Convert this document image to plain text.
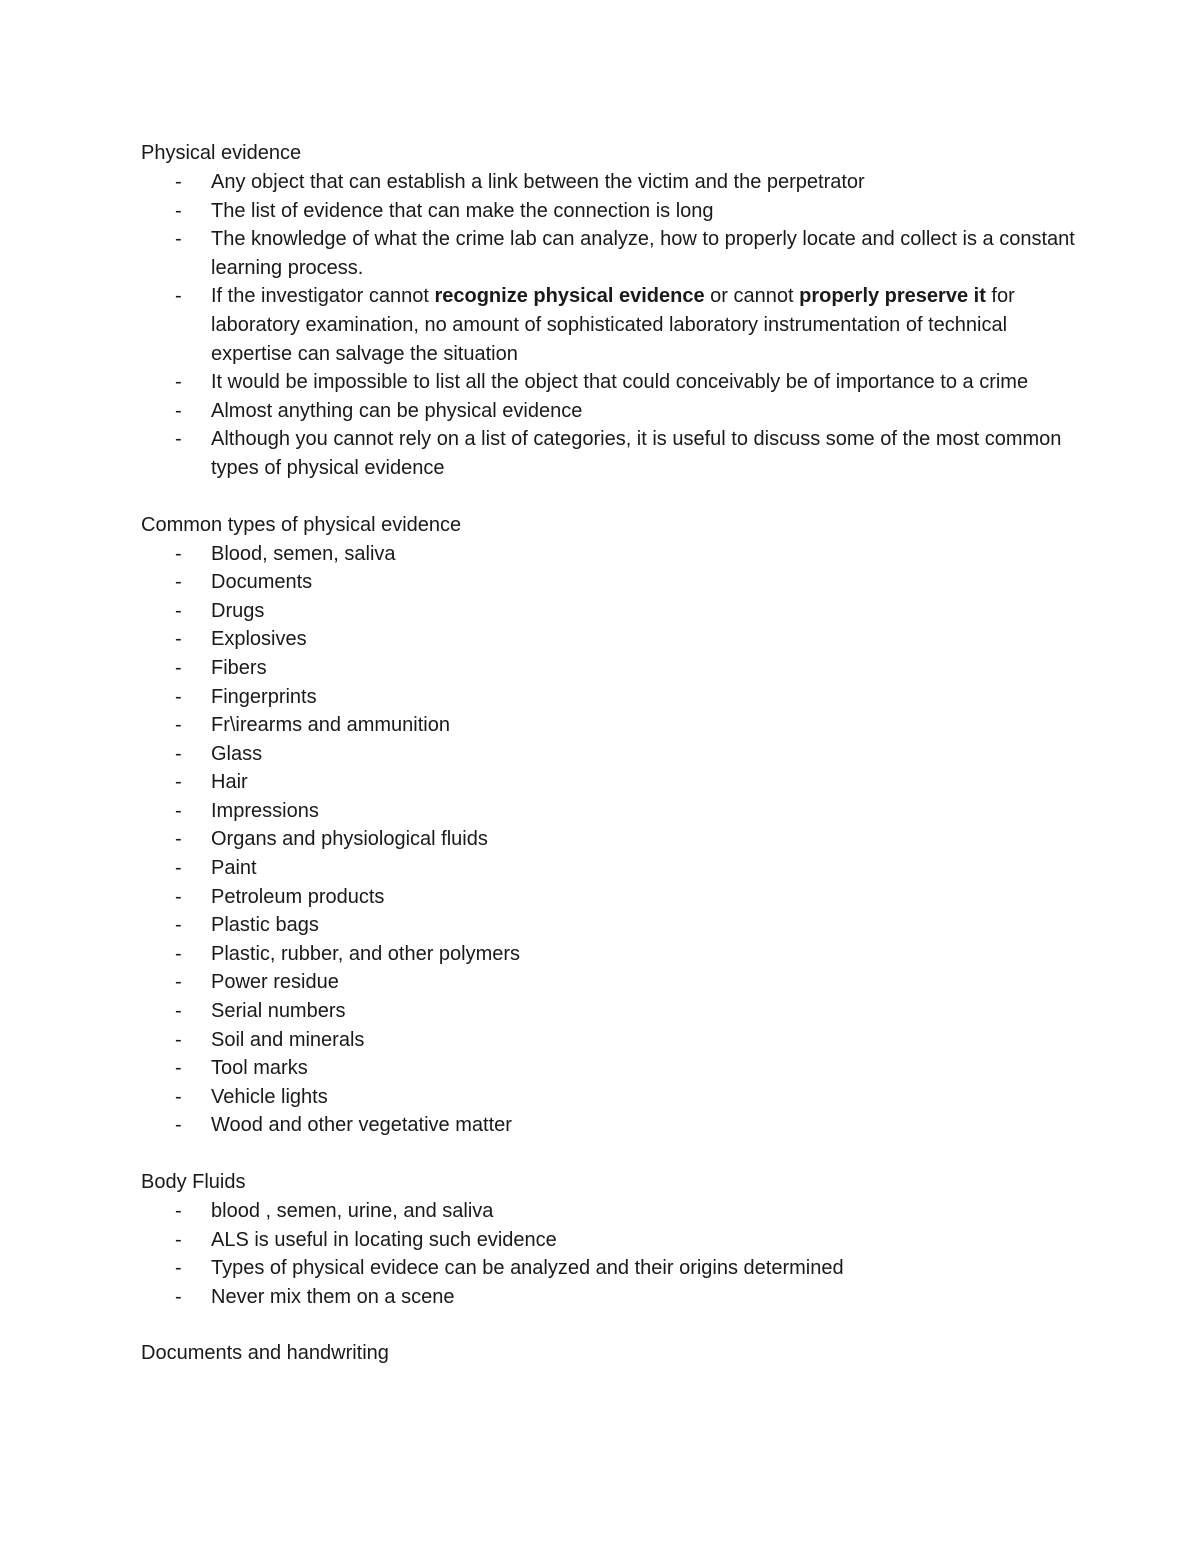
Physical evidence
- Any object that can establish a link between the victim and the perpetrator
- The list of evidence that can make the connection is long
- The knowledge of what the crime lab can analyze, how to properly locate and collect is a constant learning process.
- If the investigator cannot recognize physical evidence or cannot properly preserve it for laboratory examination, no amount of sophisticated laboratory instrumentation of technical expertise can salvage the situation
- It would be impossible to list all the object that could conceivably be of importance to a crime
- Almost anything can be physical evidence
- Although you cannot rely on a list of categories, it is useful to discuss some of the most common types of physical evidence
Common types of physical evidence
- Blood, semen, saliva
- Documents
- Drugs
- Explosives
- Fibers
- Fingerprints
- Fr\irearms and ammunition
- Glass
- Hair
- Impressions
- Organs and physiological fluids
- Paint
- Petroleum products
- Plastic bags
- Plastic, rubber, and other polymers
- Power residue
- Serial numbers
- Soil and minerals
- Tool marks
- Vehicle lights
- Wood and other vegetative matter
Body Fluids
- blood , semen, urine, and saliva
- ALS is useful in locating such evidence
- Types of physical evidece can be analyzed and their origins determined
- Never mix them on a scene
Documents and handwriting
